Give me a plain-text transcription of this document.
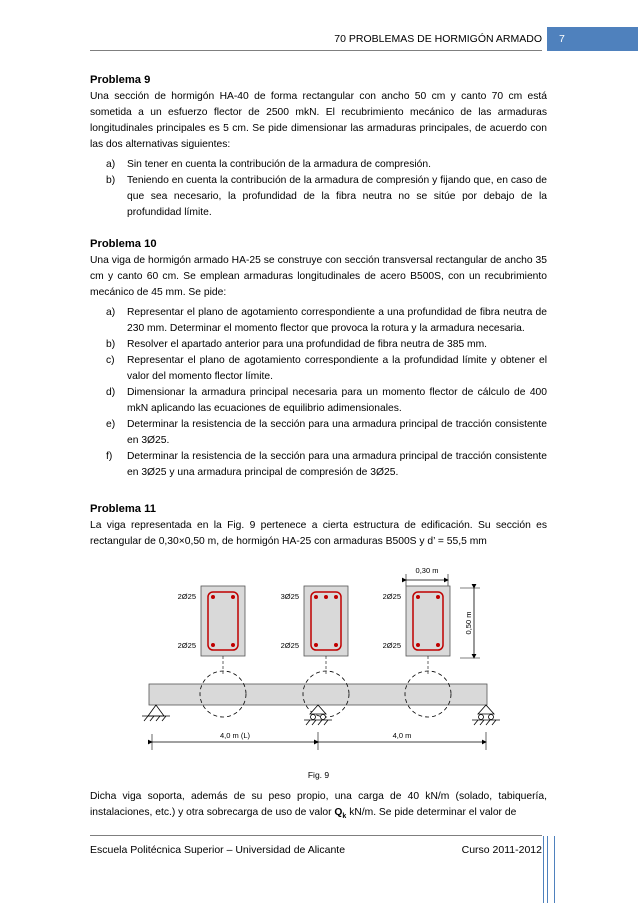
70 PROBLEMAS DE HORMIGÓN ARMADO 7
Problema 9

Una sección de hormigón HA-40 de forma rectangular con ancho 50 cm y canto 70 cm está sometida a un esfuerzo flector de 2500 mkN. El recubrimiento mecánico de las armaduras longitudinales principales es 5 cm. Se pide dimensionar las armaduras principales, de acuerdo con las dos alternativas siguientes:

a) Sin tener en cuenta la contribución de la armadura de compresión.
b) Teniendo en cuenta la contribución de la armadura de compresión y fijando que, en caso de que sea necesario, la profundidad de la fibra neutra no se sitúe por debajo de la profundidad límite.
Problema 10

Una viga de hormigón armado HA-25 se construye con sección transversal rectangular de ancho 35 cm y canto 60 cm. Se emplean armaduras longitudinales de acero B500S, con un recubrimiento mecánico de 45 mm. Se pide:

a) Representar el plano de agotamiento correspondiente a una profundidad de fibra neutra de 230 mm. Determinar el momento flector que provoca la rotura y la armadura necesaria.
b) Resolver el apartado anterior para una profundidad de fibra neutra de 385 mm.
c) Representar el plano de agotamiento correspondiente a la profundidad límite y obtener el valor del momento flector límite.
d) Dimensionar la armadura principal necesaria para un momento flector de cálculo de 400 mkN aplicando las ecuaciones de equilibrio adimensionales.
e) Determinar la resistencia de la sección para una armadura principal de tracción consistente en 3Ø25.
f) Determinar la resistencia de la sección para una armadura principal de tracción consistente en 3Ø25 y una armadura principal de compresión de 3Ø25.
Problema 11

La viga representada en la Fig. 9 pertenece a cierta estructura de edificación. Su sección es rectangular de 0,30×0,50 m, de hormigón HA-25 con armaduras B500S y d’ = 55,5 mm

0,30 m
0,50 m
2Ø25
2Ø25
3Ø25
2Ø25
2Ø25
2Ø25
4,0 m (L)	4,0 m
Fig. 9

Dicha viga soporta, además de su peso propio, una carga de 40 kN/m (solado, tabiquería, instalaciones, etc.) y otra sobrecarga de uso de valor $Q_k$ kN/m. Se pide determinar el valor de

Escuela Politécnica Superior – Universidad de Alicante	Curso 2011-2012
